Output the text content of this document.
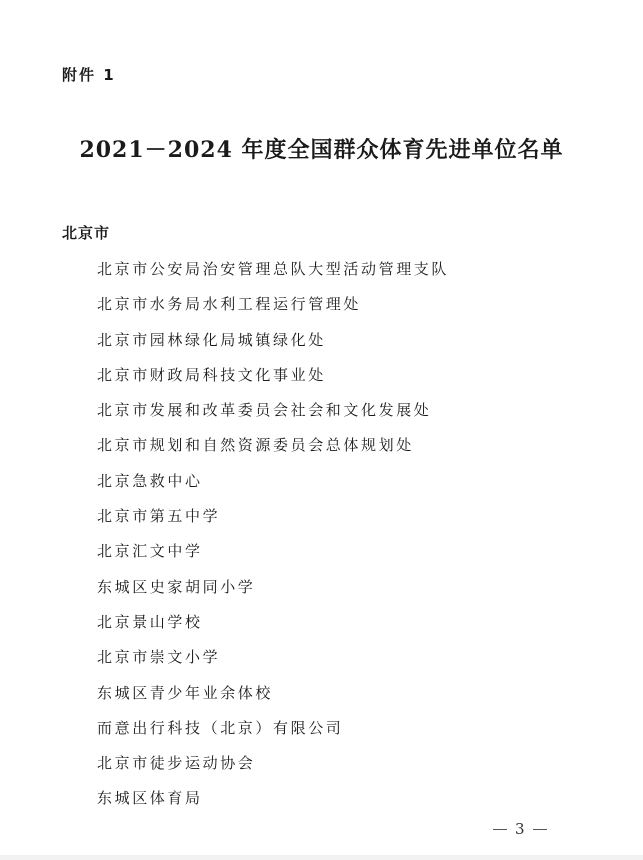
附件 1
2021－2024 年度全国群众体育先进单位名单
北京市
北京市公安局治安管理总队大型活动管理支队
北京市水务局水利工程运行管理处
北京市园林绿化局城镇绿化处
北京市财政局科技文化事业处
北京市发展和改革委员会社会和文化发展处
北京市规划和自然资源委员会总体规划处
北京急救中心
北京市第五中学
北京汇文中学
东城区史家胡同小学
北京景山学校
北京市崇文小学
东城区青少年业余体校
而意出行科技（北京）有限公司
北京市徒步运动协会
东城区体育局
3
